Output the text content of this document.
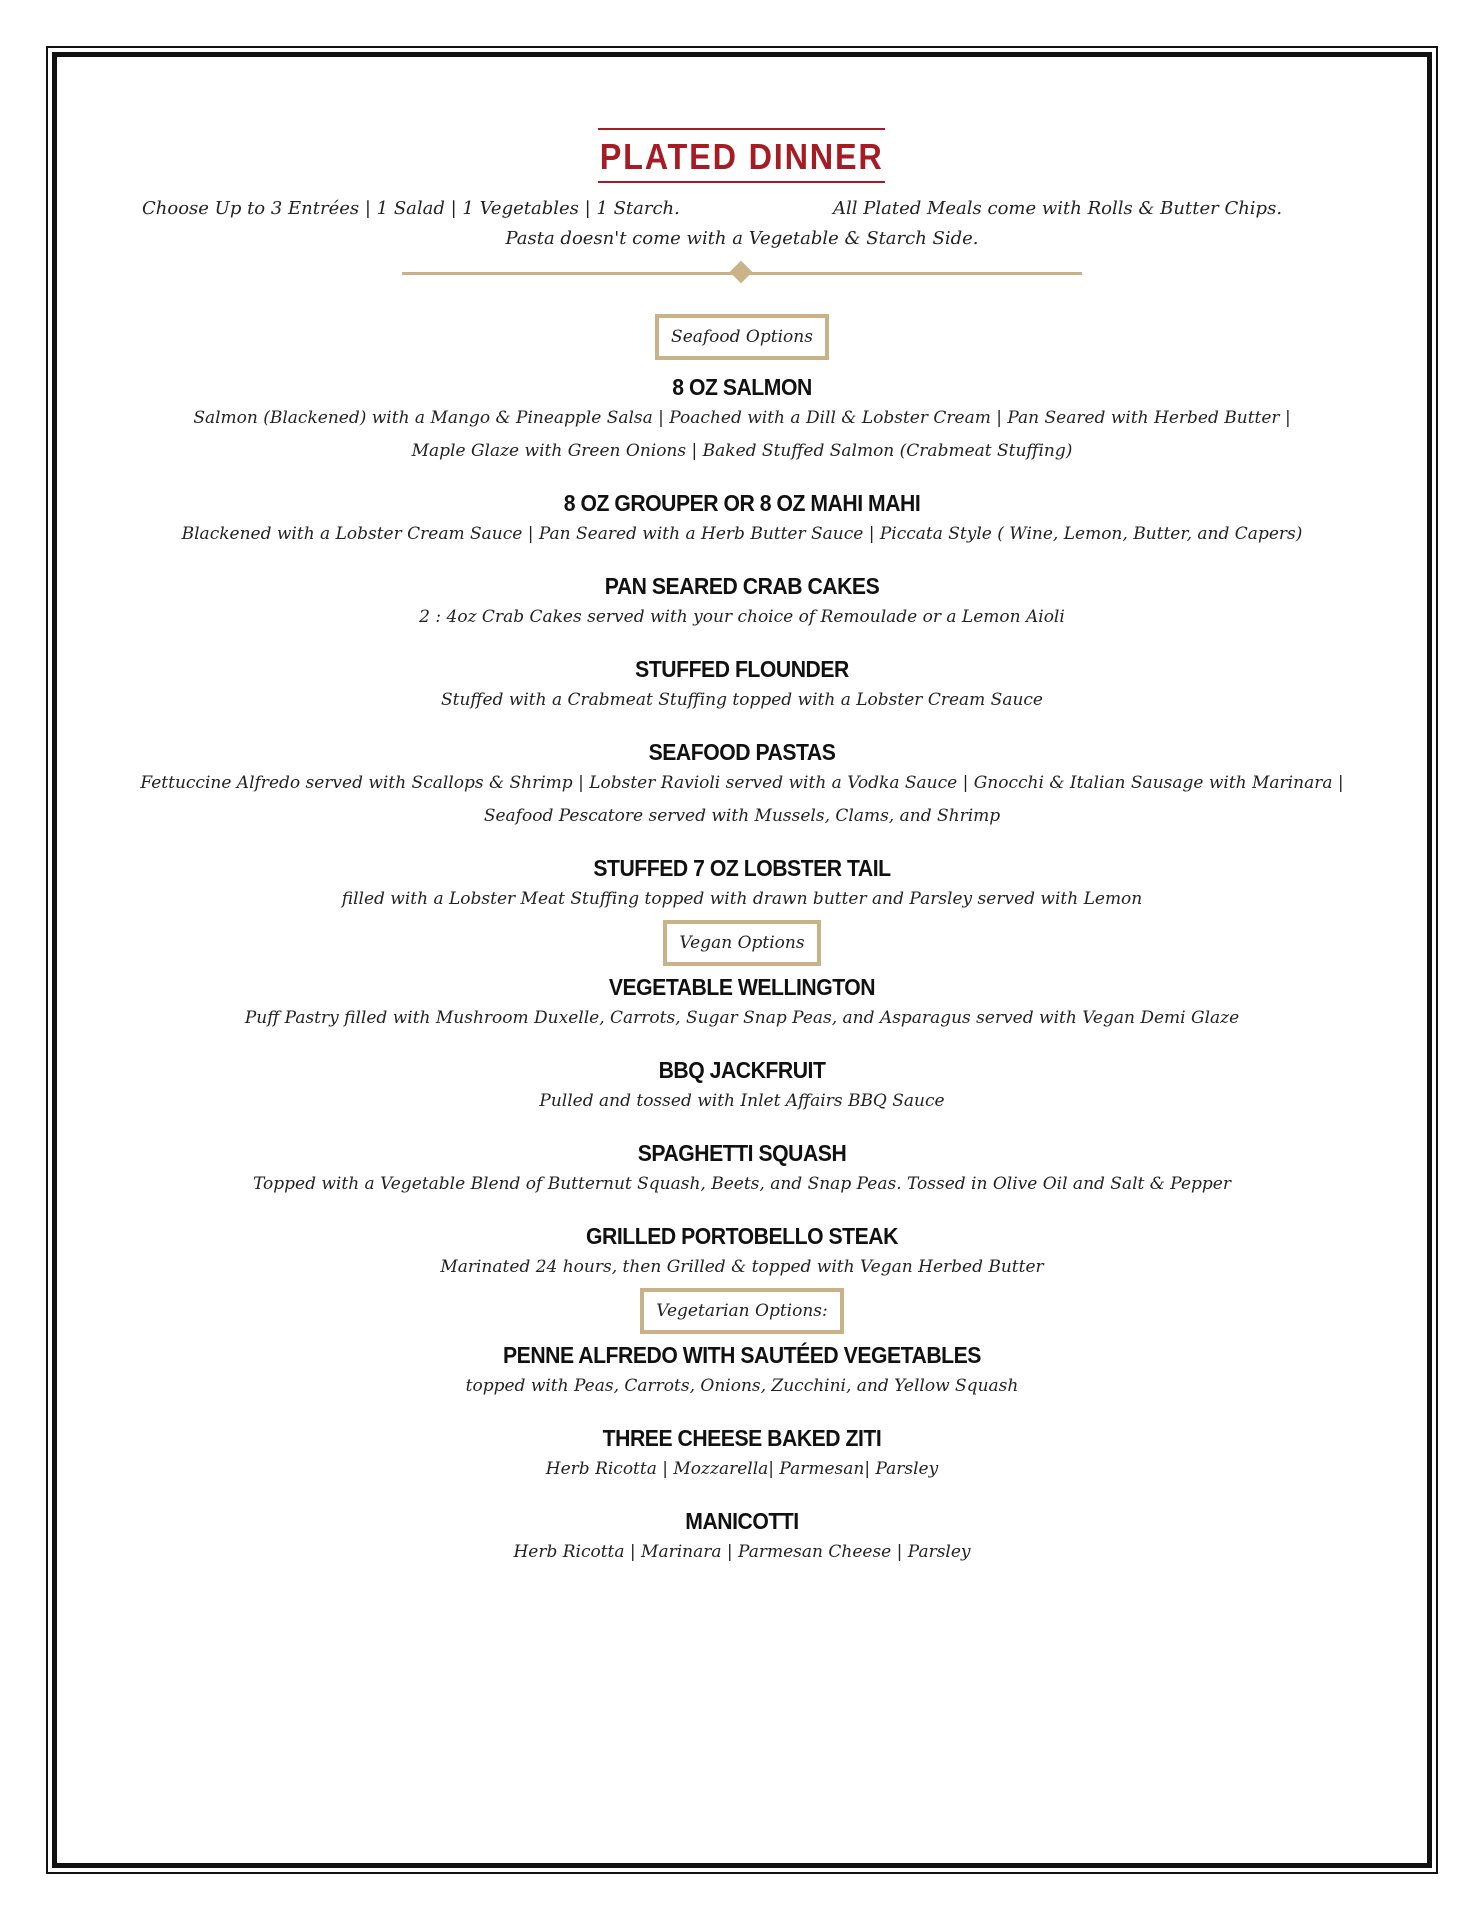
PLATED DINNER
Choose Up to 3 Entrées | 1 Salad | 1 Vegetables | 1 Starch.	All Plated Meals come with Rolls & Butter Chips.
Pasta doesn't come with a Vegetable & Starch Side.
Seafood Options
8 OZ SALMON
Salmon (Blackened) with a Mango & Pineapple Salsa | Poached with a Dill & Lobster Cream | Pan Seared with Herbed Butter |
Maple Glaze with Green Onions | Baked Stuffed Salmon (Crabmeat Stuffing)
8 OZ GROUPER OR 8 OZ MAHI MAHI
Blackened with a Lobster Cream Sauce | Pan Seared with a Herb Butter Sauce | Piccata Style ( Wine, Lemon, Butter, and Capers)
PAN SEARED CRAB CAKES
2 : 4oz Crab Cakes served with your choice of Remoulade or a Lemon Aioli
STUFFED FLOUNDER
Stuffed with a Crabmeat Stuffing topped with a Lobster Cream Sauce
SEAFOOD PASTAS
Fettuccine Alfredo served with Scallops & Shrimp | Lobster Ravioli served with a Vodka Sauce | Gnocchi & Italian Sausage with Marinara |
Seafood Pescatore served with Mussels, Clams, and Shrimp
STUFFED 7 OZ LOBSTER TAIL
filled with a Lobster Meat Stuffing topped with drawn butter and Parsley served with Lemon
Vegan Options
VEGETABLE WELLINGTON
Puff Pastry filled with Mushroom Duxelle, Carrots, Sugar Snap Peas, and Asparagus served with Vegan Demi Glaze
BBQ JACKFRUIT
Pulled and tossed with Inlet Affairs BBQ Sauce
SPAGHETTI SQUASH
Topped with a Vegetable Blend of Butternut Squash, Beets, and Snap Peas. Tossed in Olive Oil and Salt & Pepper
GRILLED PORTOBELLO STEAK
Marinated 24 hours, then Grilled & topped with Vegan Herbed Butter
Vegetarian Options:
PENNE ALFREDO WITH SAUTÉED VEGETABLES
topped with Peas, Carrots, Onions, Zucchini, and Yellow Squash
THREE CHEESE BAKED ZITI
Herb Ricotta | Mozzarella| Parmesan| Parsley
MANICOTTI
Herb Ricotta | Marinara | Parmesan Cheese | Parsley
